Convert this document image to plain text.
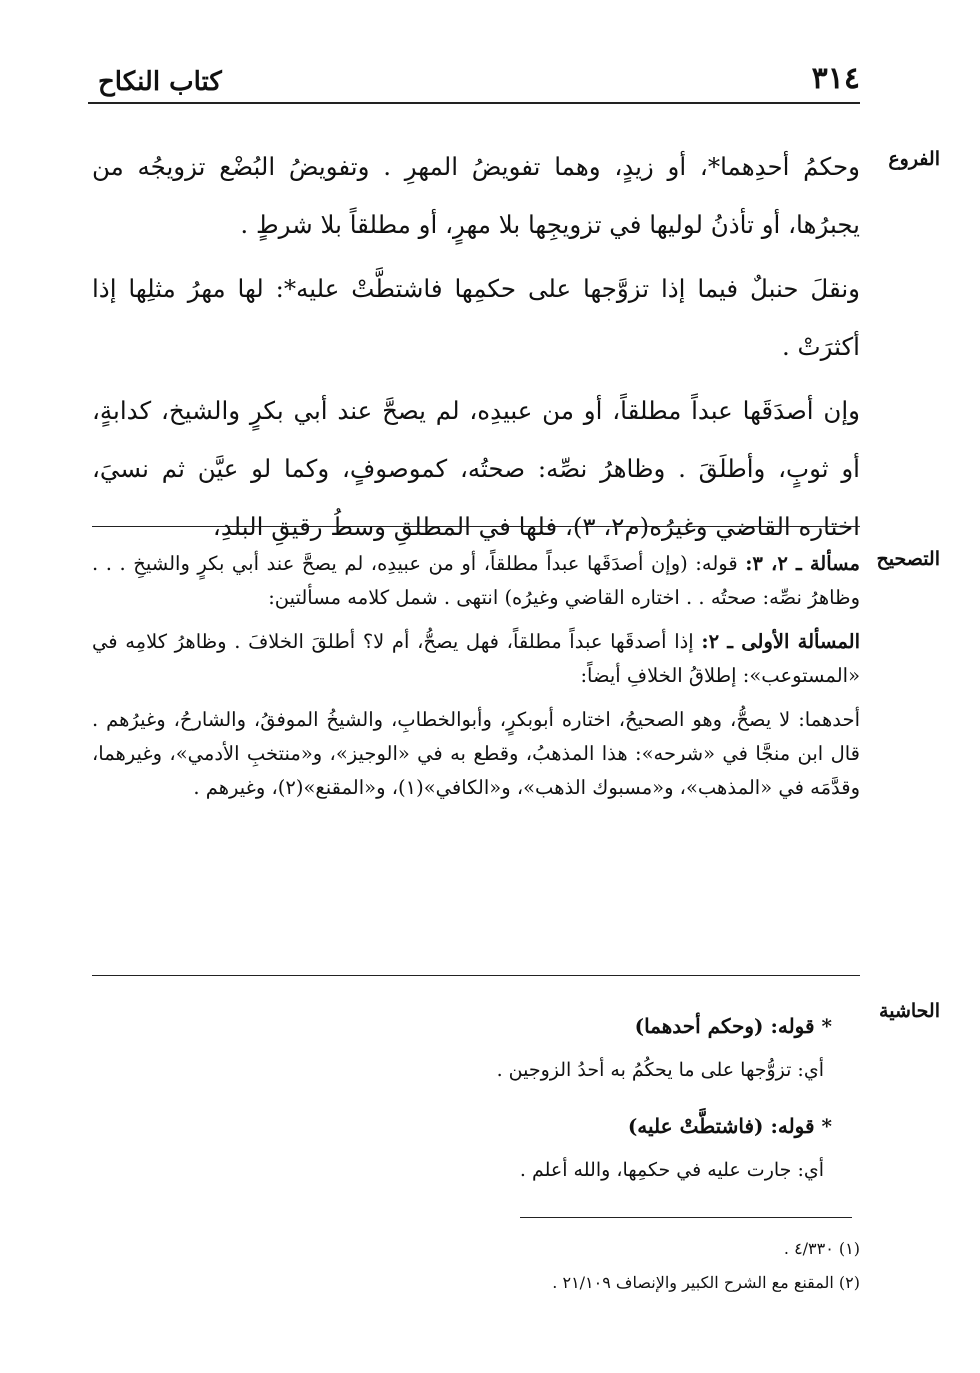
٣١٤
كتاب النكاح
الفروع
التصحيح
الحاشية

وحكمُ أحدِهما*، أو زيدٍ، وهما تفويضُ المهرِ . وتفويضُ البُضْع تزويجُه من يجبرُها، أو تأذنُ لوليها في تزويجِها بلا مهرٍ، أو مطلقاً بلا شرطٍ .

ونقلَ حنبلٌ فيما إذا تزوَّجها على حكمِها فاشتطَّتْ عليه*: لها مهرُ مثلِها إذا أكثرَتْ .

وإن أصدَقَها عبداً مطلقاً، أو من عبيدِه، لم يصحَّ عند أبي بكرٍ والشيخ، كدابةٍ، أو ثوبٍ، وأطلَقَ . وظاهرُ نصِّه: صحتُه، كموصوفٍ، وكما لو عيَّن ثم نسيَ، اختاره القاضي وغيرُه(م٢، ٣)، فلها في المطلقِ وسطُ رقيقِ البلدِ،

مسألة ـ ٢، ٣: قوله: (وإن أصدَقَها عبداً مطلقاً، أو من عبيدِه، لم يصحَّ عند أبي بكرٍ والشيخِ . . . وظاهرُ نصِّه: صحتُه . . اختاره القاضي وغيرُه) انتهى . شمل كلامه مسألتين:

المسألة الأولى ـ ٢: إذا أصدقَها عبداً مطلقاً، فهل يصحُّ، أم لا؟ أطلقَ الخلافَ . وظاهرُ كلامِه في «المستوعب»: إطلاقُ الخلافِ أيضاً:

أحدهما: لا يصحُّ، وهو الصحيحُ، اختاره أبوبكرٍ، وأبوالخطابِ، والشيخُ الموفقُ، والشارحُ، وغيرُهم . قال ابن منجَّا في «شرحه»: هذا المذهبُ، وقطع به في «الوجيز»، و«منتخبِ الأدمي»، وغيرهما، وقدَّمَه في «المذهب»، و«مسبوك الذهب»، و«الكافي»(١)، و«المقنع»(٢)، وغيرهم .

* قوله: (وحكم أحدهما)

أي: تزوُّجها على ما يحكُمُ به أحدُ الزوجين .

* قوله: (فاشتطَّتْ عليه)

أي: جارت عليه في حكمِها، والله أعلم .

(١) ٤/٣٣٠ .

(٢) المقنع مع الشرح الكبير والإنصاف ٢١/١٠٩ .
